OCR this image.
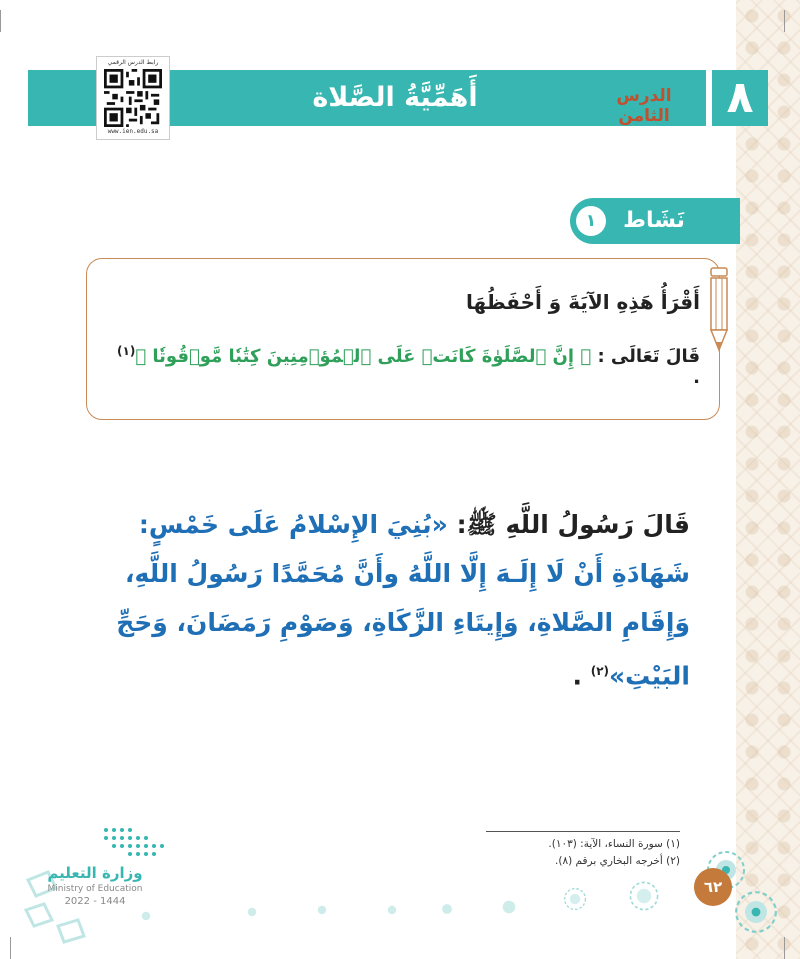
٨
الدرس الثامن
أَهَمِّيَّةُ الصَّلاة
رابط الدرس الرقمي
www.ien.edu.sa
نَشَاط
١
أَقْرَأُ هَذِهِ الآيَةَ وَ أَحْفَظُهَا
قَالَ تَعَالَى : ﴿ إِنَّ ٱلصَّلَوٰةَ كَانَتۡ عَلَى ٱلۡمُؤۡمِنِينَ كِتَٰبٗا مَّوۡقُوتٗا ﴾$^{(١)}$ .
قَالَ رَسُولُ اللَّهِ ﷺ: «بُنِيَ الإِسْلامُ عَلَى خَمْسٍ: شَهَادَةِ أَنْ لَا إِلَـهَ إِلَّا اللَّهُ وأَنَّ مُحَمَّدًا رَسُولُ اللَّهِ، وَإِقَامِ الصَّلاةِ، وَإِيتَاءِ الزَّكَاةِ، وَصَوْمِ رَمَضَانَ، وَحَجِّ البَيْتِ»$^{(٢)}$ .
(١) سورة النساء، الآية: (١٠٣).
(٢) أخرجه البخاري برقم (٨).
٦٢
وزارة التعليم
Ministry of Education
2022 - 1444
